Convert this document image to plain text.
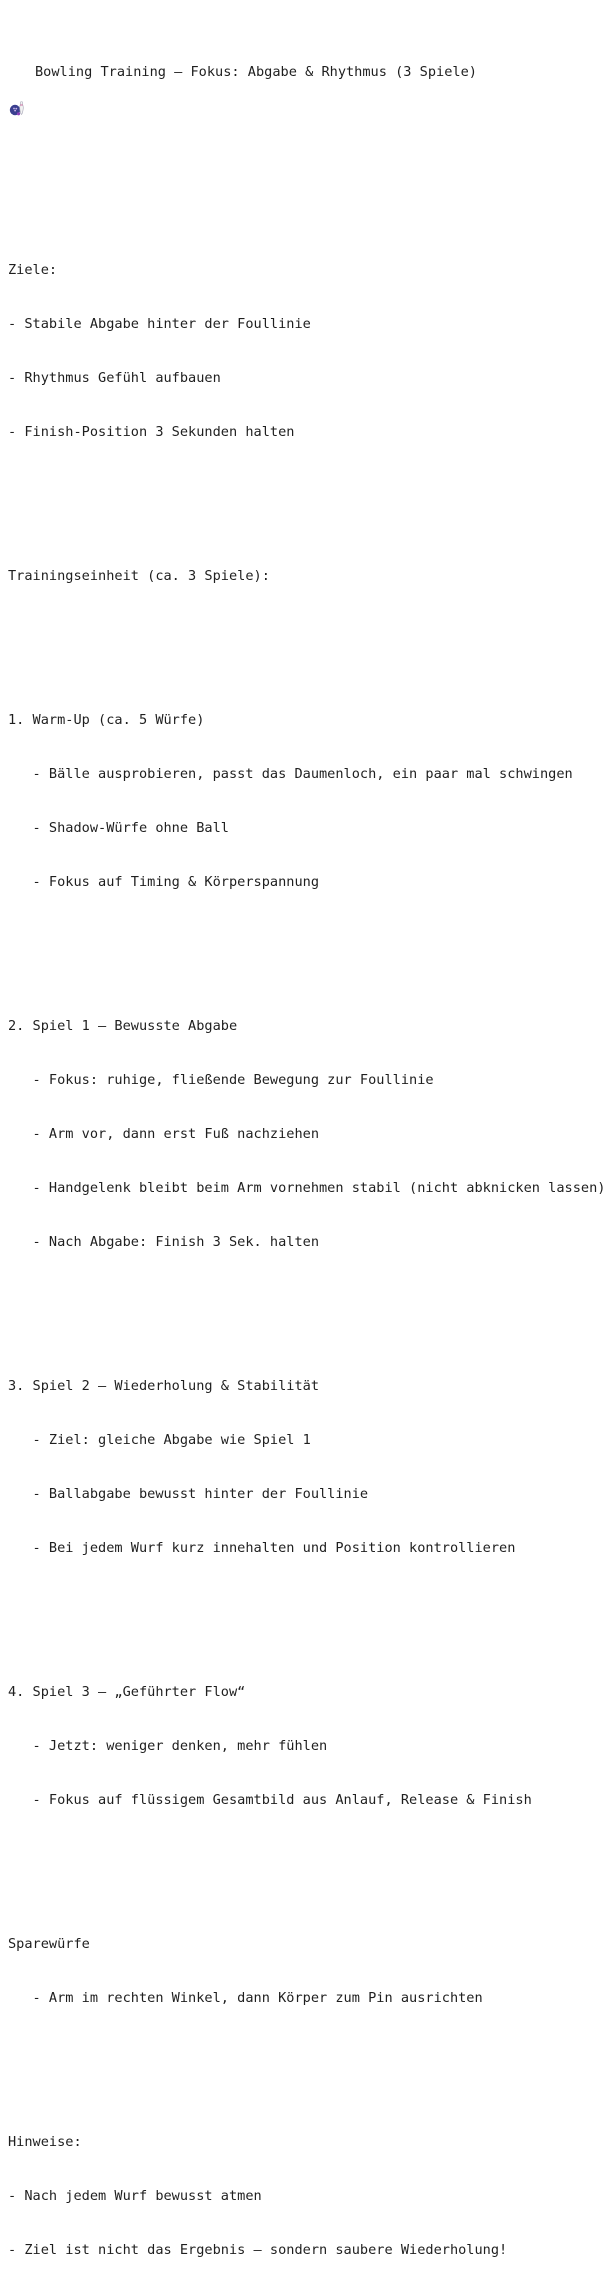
Bowling Training – Fokus: Abgabe & Rhythmus (3 Spiele)

Ziele:

- Stabile Abgabe hinter der Foullinie

- Rhythmus Gefühl aufbauen

- Finish-Position 3 Sekunden halten

Trainingseinheit (ca. 3 Spiele):

1. Warm-Up (ca. 5 Würfe)

- Bälle ausprobieren, passt das Daumenloch, ein paar mal schwingen

- Shadow-Würfe ohne Ball

- Fokus auf Timing & Körperspannung

2. Spiel 1 – Bewusste Abgabe

- Fokus: ruhige, fließende Bewegung zur Foullinie

- Arm vor, dann erst Fuß nachziehen

- Handgelenk bleibt beim Arm vornehmen stabil (nicht abknicken lassen)

- Nach Abgabe: Finish 3 Sek. halten

3. Spiel 2 – Wiederholung & Stabilität

- Ziel: gleiche Abgabe wie Spiel 1

- Ballabgabe bewusst hinter der Foullinie

- Bei jedem Wurf kurz innehalten und Position kontrollieren

4. Spiel 3 – „Geführter Flow“

- Jetzt: weniger denken, mehr fühlen

- Fokus auf flüssigem Gesamtbild aus Anlauf, Release & Finish

Sparewürfe

- Arm im rechten Winkel, dann Körper zum Pin ausrichten

Hinweise:

- Nach jedem Wurf bewusst atmen

- Ziel ist nicht das Ergebnis – sondern saubere Wiederholung!
